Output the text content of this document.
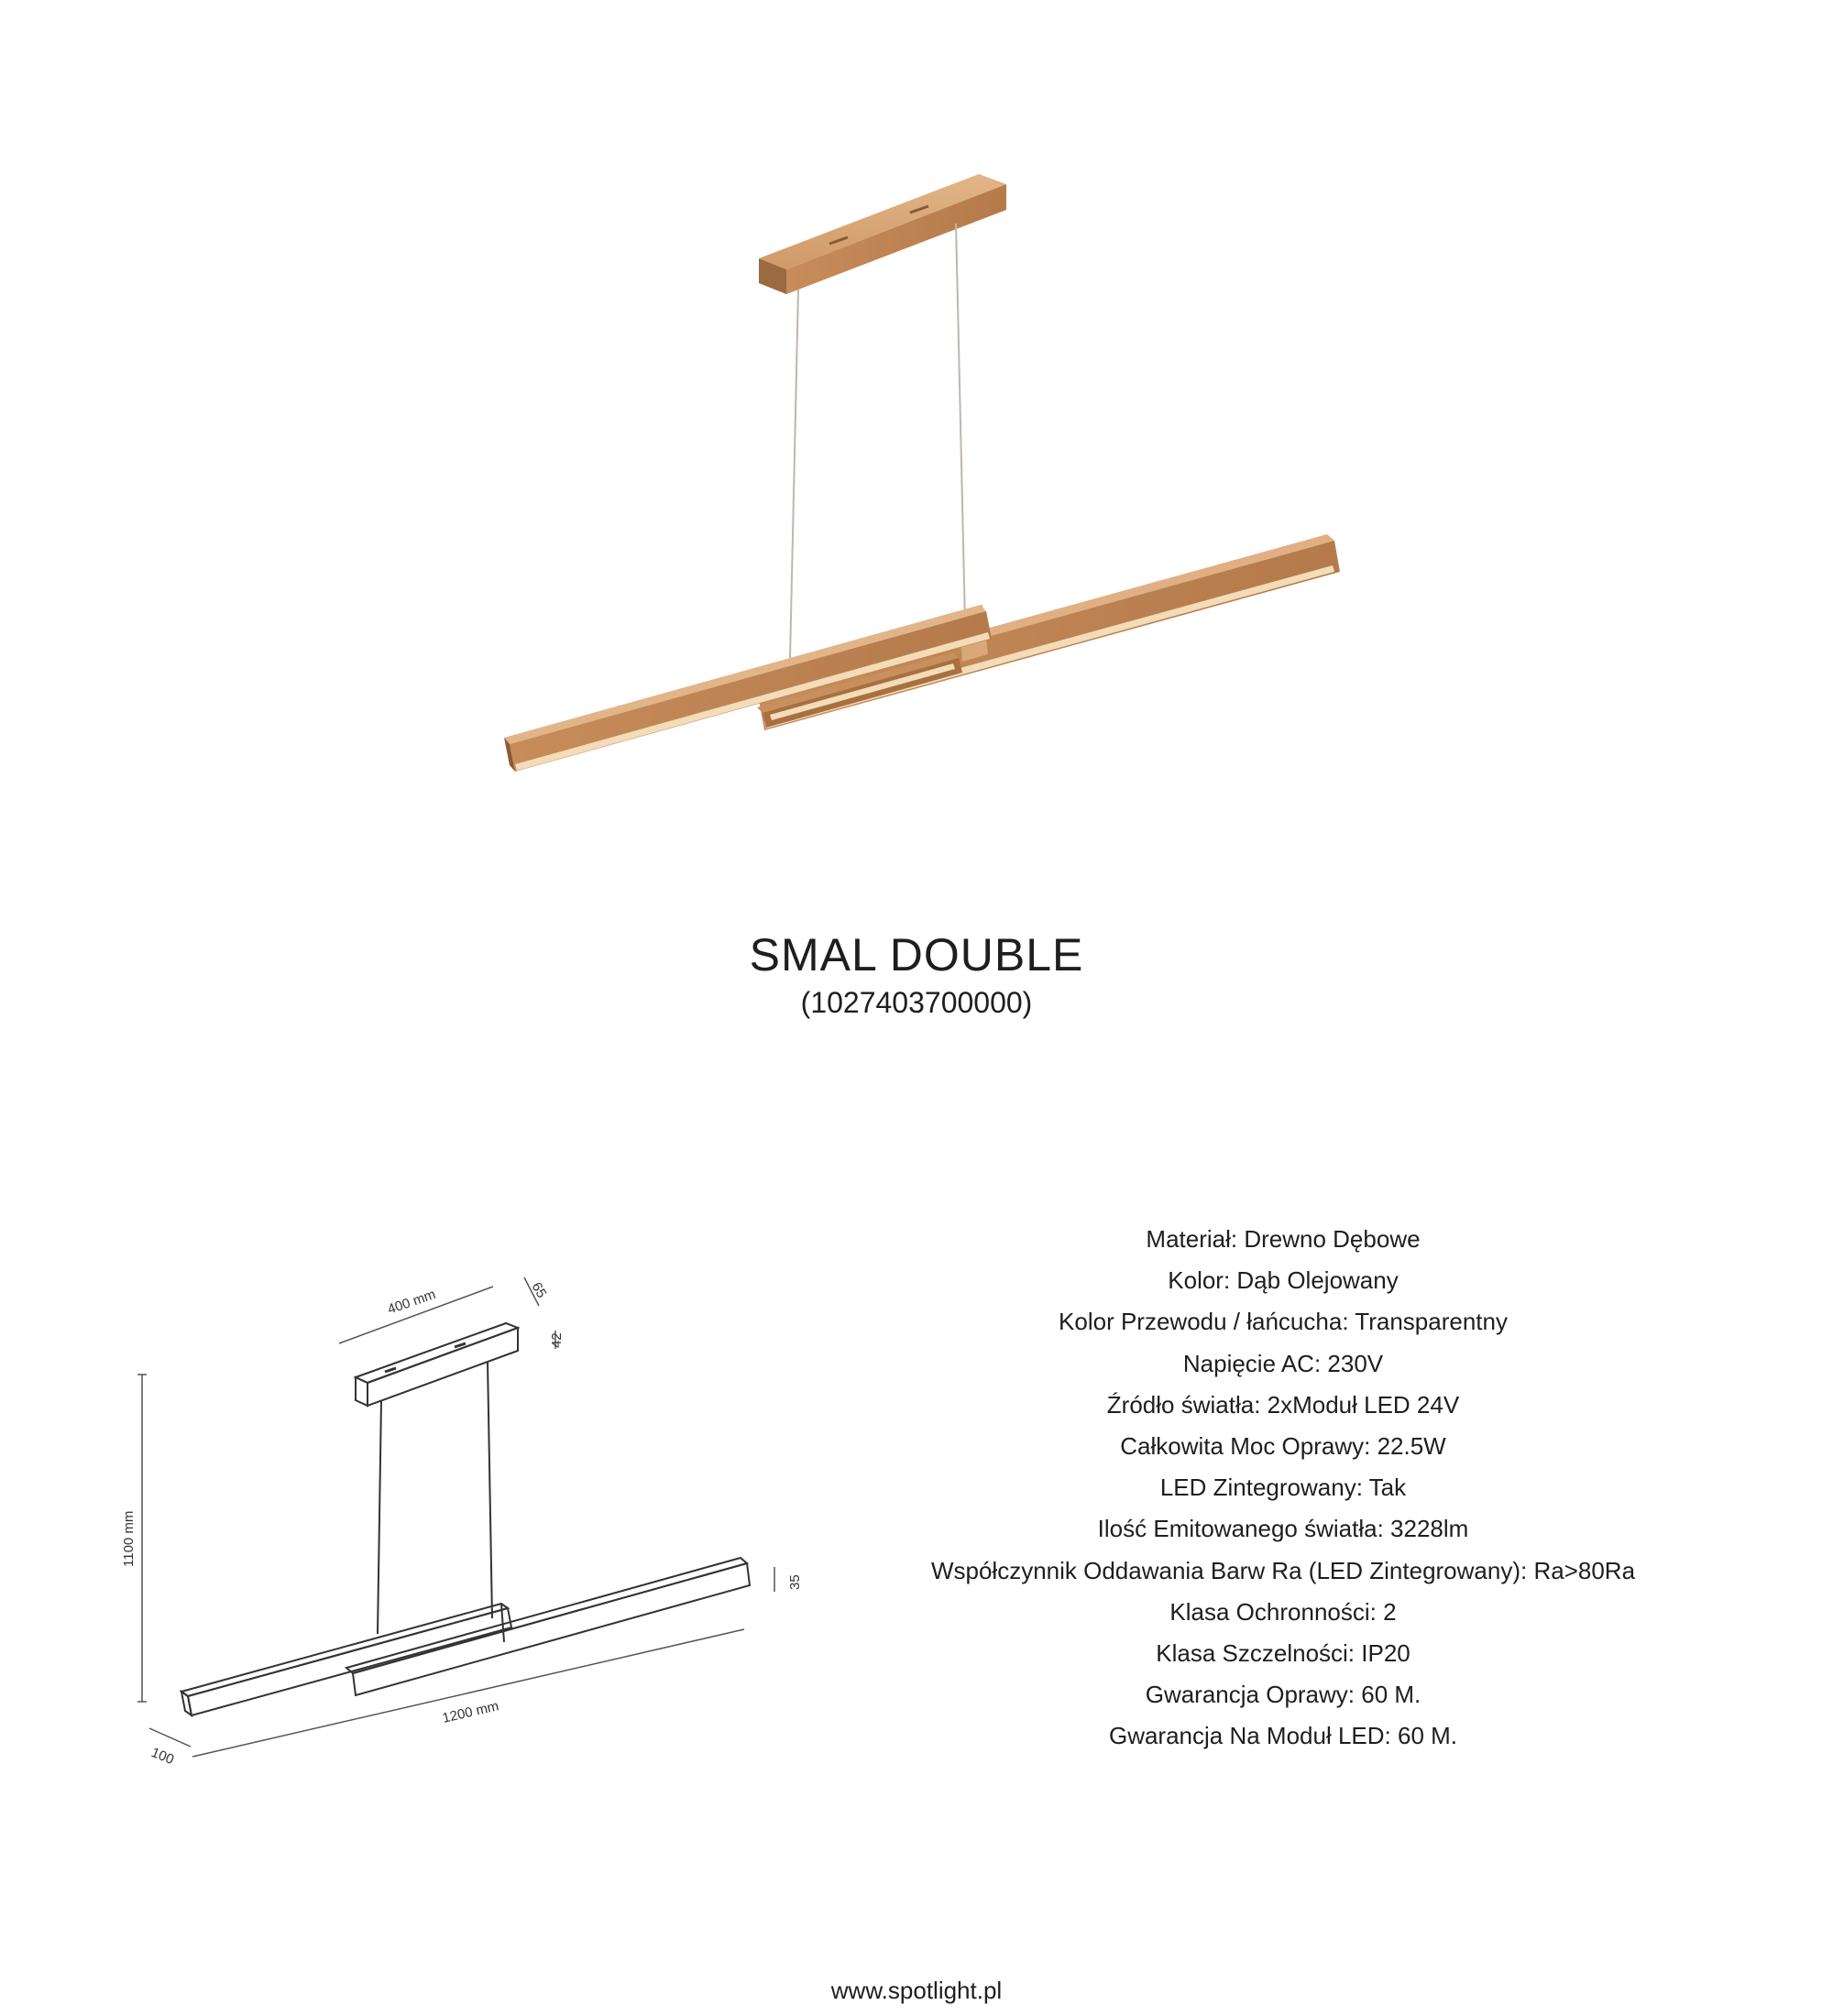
SMAL DOUBLE
(1027403700000)
400 mm	65
42
1100 mm
35
1200 mm
100
Materiał: Drewno Dębowe
Kolor: Dąb Olejowany
Kolor Przewodu / łańcucha: Transparentny
Napięcie AC: 230V
Źródło światła: 2xModuł LED 24V
Całkowita Moc Oprawy: 22.5W
LED Zintegrowany: Tak
Ilość Emitowanego światła: 3228lm
Współczynnik Oddawania Barw Ra (LED Zintegrowany): Ra>80Ra
Klasa Ochronności: 2
Klasa Szczelności: IP20
Gwarancja Oprawy: 60 M.
Gwarancja Na Moduł LED: 60 M.
www.spotlight.pl
